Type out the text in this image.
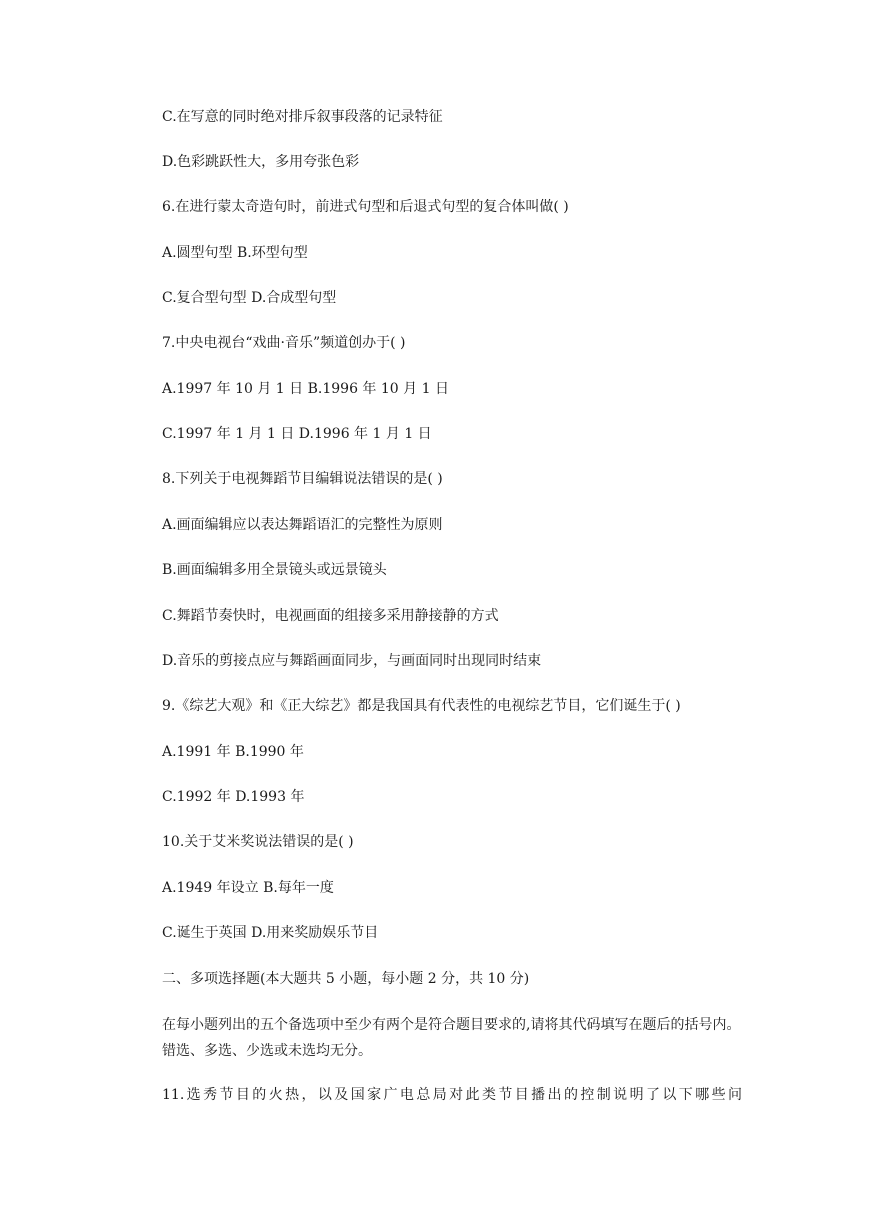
C.在写意的同时绝对排斥叙事段落的记录特征
D.色彩跳跃性大，多用夸张色彩
6.在进行蒙太奇造句时，前进式句型和后退式句型的复合体叫做( )
A.圆型句型 B.环型句型
C.复合型句型 D.合成型句型
7.中央电视台“戏曲·音乐”频道创办于( )
A.1997 年 10 月 1 日 B.1996 年 10 月 1 日
C.1997 年 1 月 1 日 D.1996 年 1 月 1 日
8.下列关于电视舞蹈节目编辑说法错误的是( )
A.画面编辑应以表达舞蹈语汇的完整性为原则
B.画面编辑多用全景镜头或远景镜头
C.舞蹈节奏快时，电视画面的组接多采用静接静的方式
D.音乐的剪接点应与舞蹈画面同步，与画面同时出现同时结束
9.《综艺大观》和《正大综艺》都是我国具有代表性的电视综艺节目，它们诞生于( )
A.1991 年 B.1990 年
C.1992 年 D.1993 年
10.关于艾米奖说法错误的是( )
A.1949 年设立 B.每年一度
C.诞生于英国 D.用来奖励娱乐节目
二、多项选择题(本大题共 5 小题，每小题 2 分，共 10 分)
在每小题列出的五个备选项中至少有两个是符合题目要求的,请将其代码填写在题后的括号内。错选、多选、少选或未选均无分。
11.选秀节目的火热，以及国家广电总局对此类节目播出的控制说明了以下哪些问
